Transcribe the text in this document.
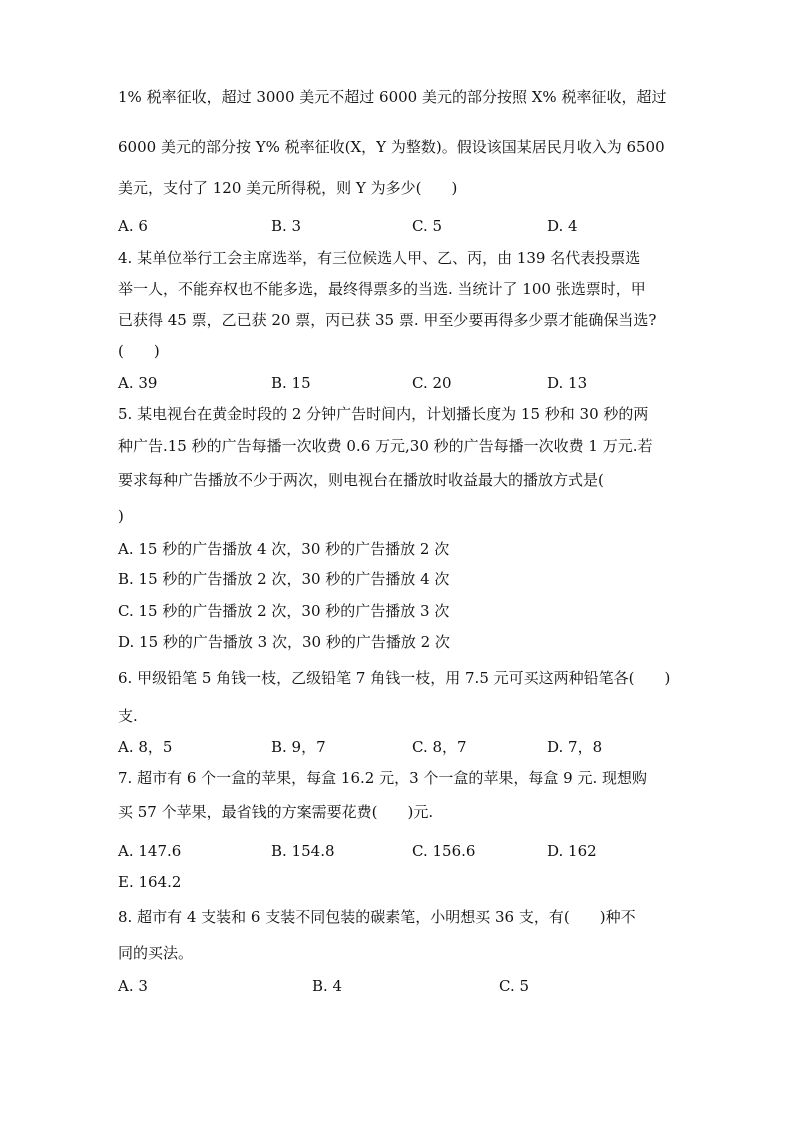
1% 税率征收，超过 3000 美元不超过 6000 美元的部分按照 X% 税率征收，超过
6000 美元的部分按 Y% 税率征收(X，Y 为整数)。假设该国某居民月收入为 6500
美元，支付了 120 美元所得税，则 Y 为多少(　　)
A. 6	B. 3	C. 5	D. 4
4. 某单位举行工会主席选举，有三位候选人甲、乙、丙，由 139 名代表投票选
举一人，不能弃权也不能多选，最终得票多的当选. 当统计了 100 张选票时，甲
已获得 45 票，乙已获 20 票，丙已获 35 票. 甲至少要再得多少票才能确保当选?
(　　)
A. 39	B. 15	C. 20	D. 13
5. 某电视台在黄金时段的 2 分钟广告时间内，计划播长度为 15 秒和 30 秒的两
种广告.15 秒的广告每播一次收费 0.6 万元,30 秒的广告每播一次收费 1 万元.若
要求每种广告播放不少于两次，则电视台在播放时收益最大的播放方式是(
)
A. 15 秒的广告播放 4 次，30 秒的广告播放 2 次
B. 15 秒的广告播放 2 次，30 秒的广告播放 4 次
C. 15 秒的广告播放 2 次，30 秒的广告播放 3 次
D. 15 秒的广告播放 3 次，30 秒的广告播放 2 次
6. 甲级铅笔 5 角钱一枝，乙级铅笔 7 角钱一枝，用 7.5 元可买这两种铅笔各(　　)
支.
A. 8，5	B. 9，7	C. 8，7	D. 7，8
7. 超市有 6 个一盒的苹果，每盒 16.2 元，3 个一盒的苹果，每盒 9 元. 现想购
买 57 个苹果，最省钱的方案需要花费(　　)元.
A. 147.6	B. 154.8	C. 156.6	D. 162
E. 164.2
8. 超市有 4 支装和 6 支装不同包装的碳素笔，小明想买 36 支，有(　　)种不
同的买法。
A. 3	B. 4	C. 5
